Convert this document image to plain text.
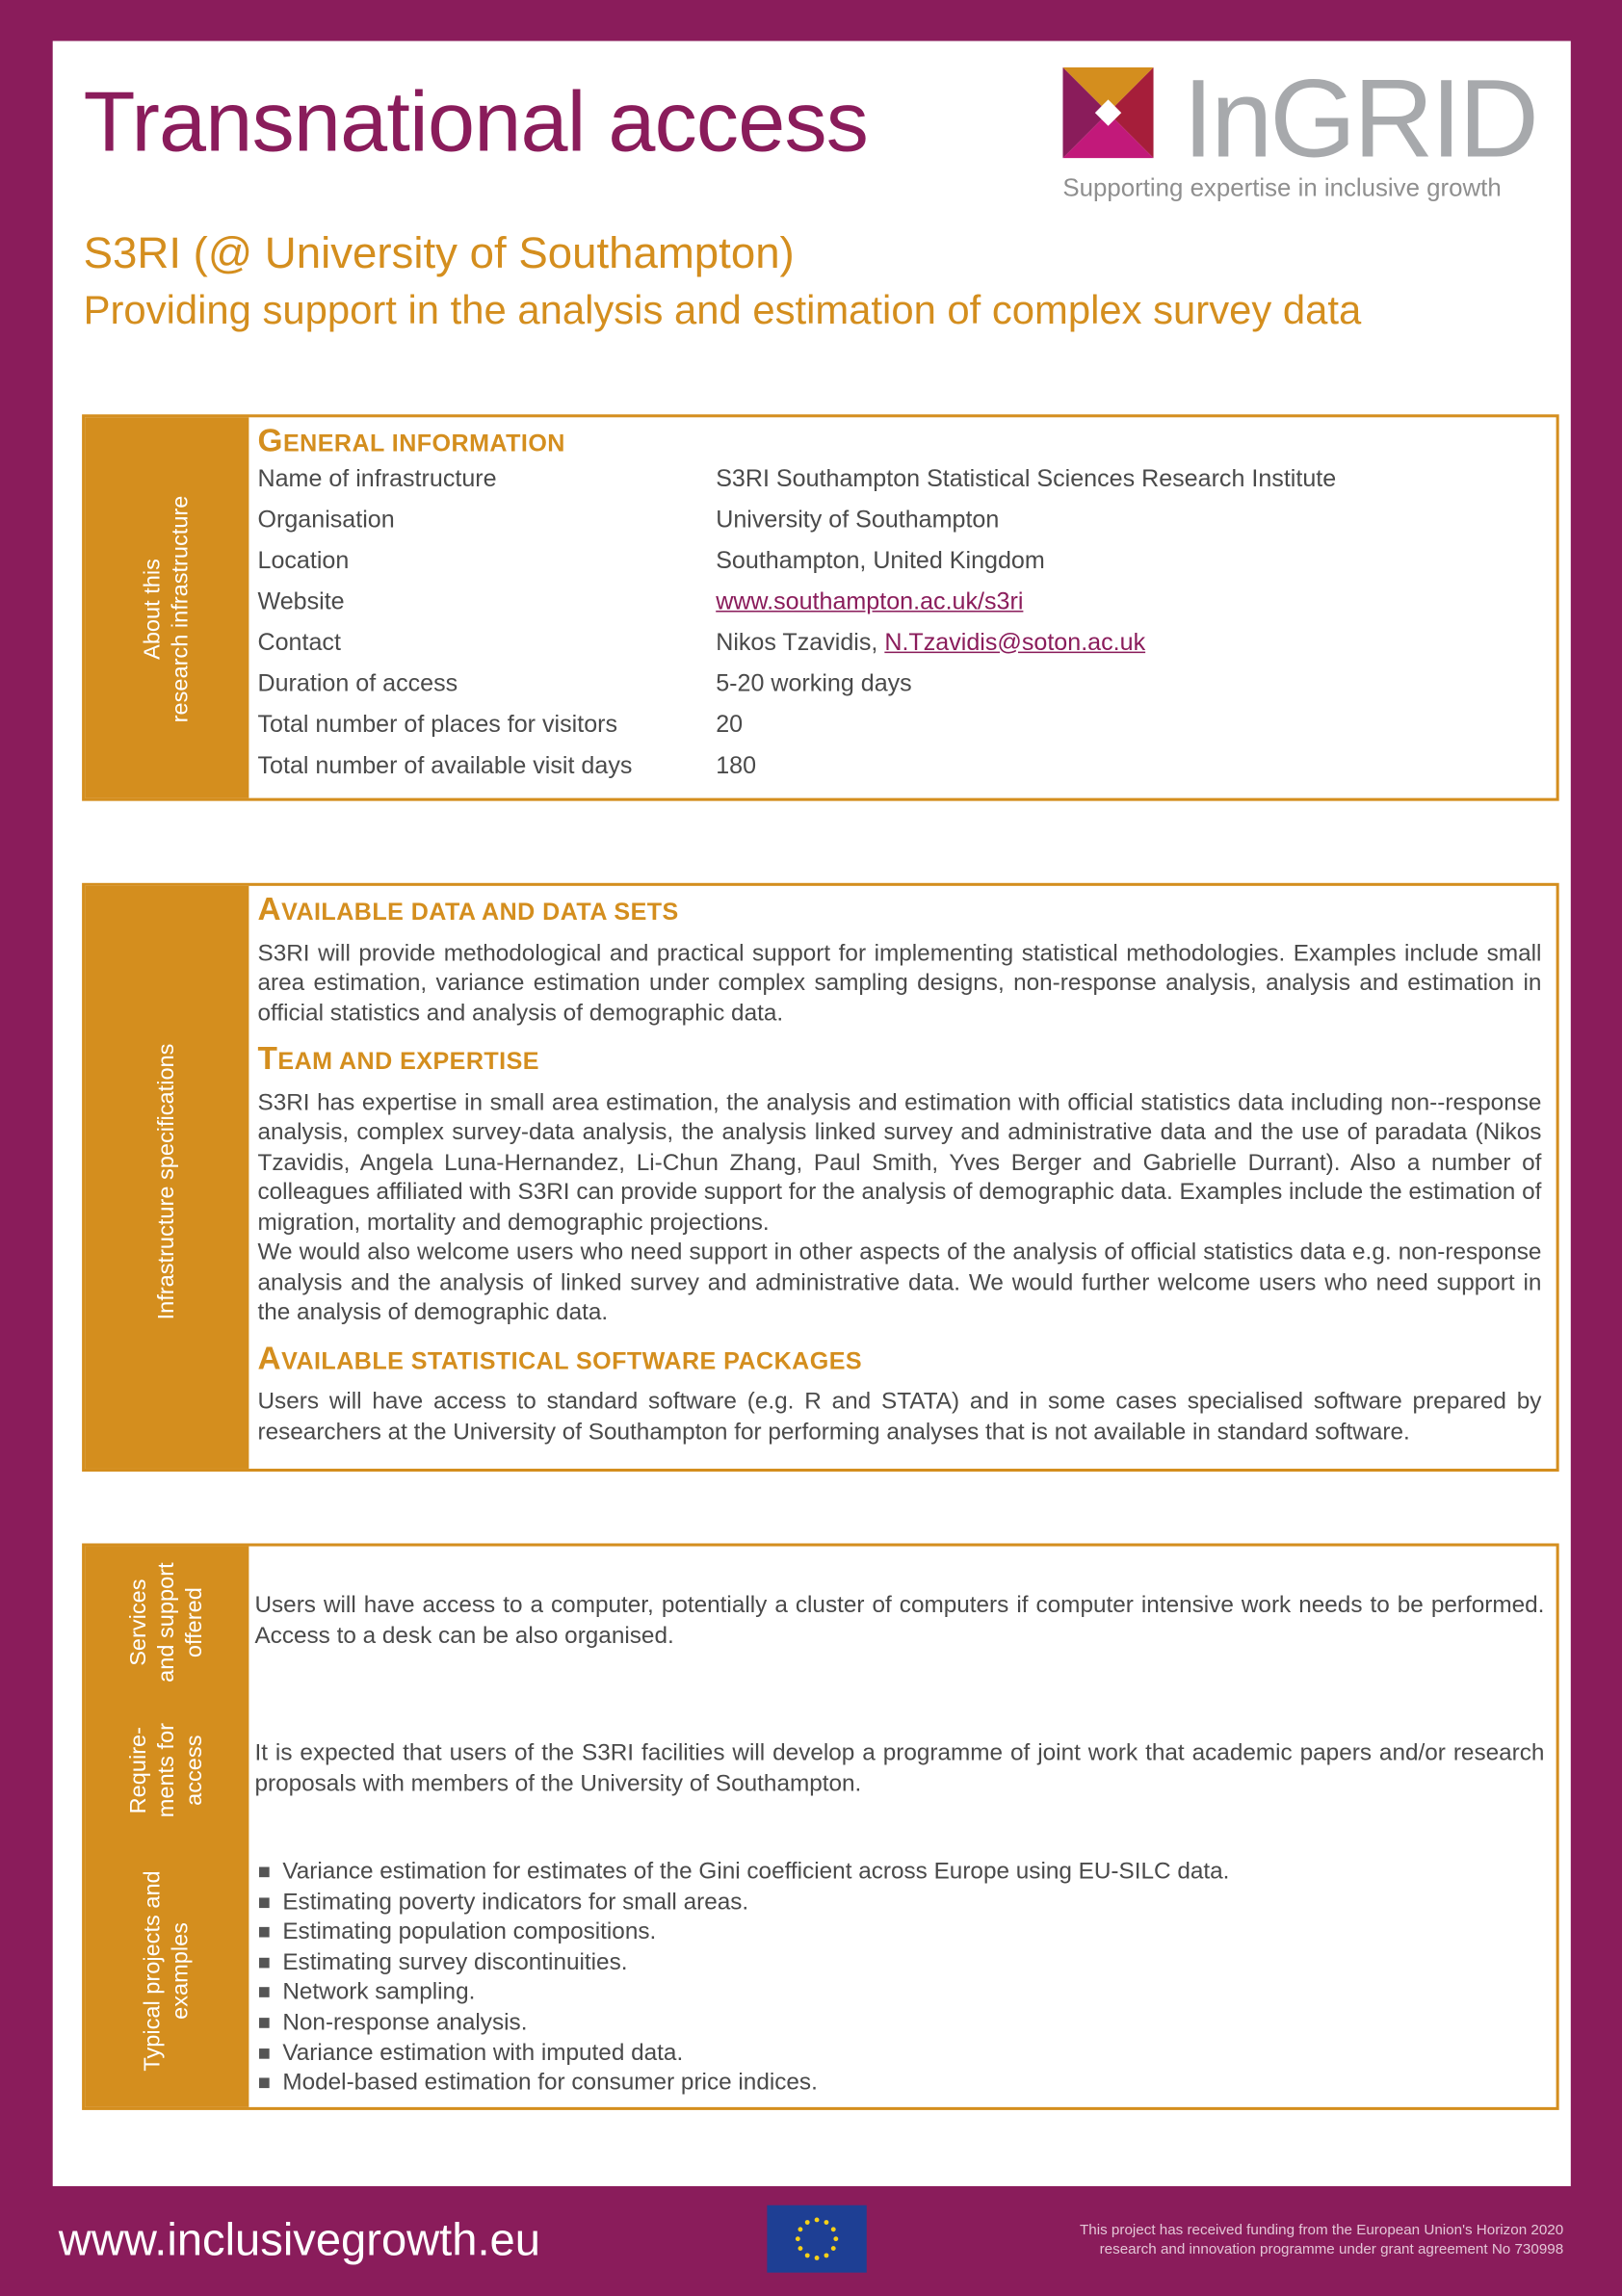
Transnational access	InGRID
Supporting expertise in inclusive growth
S3RI (@ University of Southampton)
Providing support in the analysis and estimation of complex survey data
About this research infrastructure
GENERAL INFORMATION
Name of infrastructure	S3RI Southampton Statistical Sciences Research Institute
Organisation	University of Southampton
Location	Southampton, United Kingdom
Website	www.southampton.ac.uk/s3ri
Contact	Nikos Tzavidis, N.Tzavidis@soton.ac.uk
Duration of access	5-20 working days
Total number of places for visitors	20
Total number of available visit days	180
Infrastructure specifications
AVAILABLE DATA AND DATA SETS

S3RI will provide methodological and practical support for implementing statistical methodologies. Examples include small area estimation, variance estimation under complex sampling designs, non-response analysis, analysis and estimation in official statistics and analysis of demographic data.

TEAM AND EXPERTISE

S3RI has expertise in small area estimation, the analysis and estimation with official statistics data including non--response analysis, complex survey-data analysis, the analysis linked survey and administrative data and the use of paradata (Nikos Tzavidis, Angela Luna-Hernandez, Li-Chun Zhang, Paul Smith, Yves Berger and Gabrielle Durrant). Also a number of colleagues affiliated with S3RI can provide support for the analysis of demographic data. Examples include the estimation of migration, mortality and demographic projections.

We would also welcome users who need support in other aspects of the analysis of official statistics data e.g. non-response analysis and the analysis of linked survey and administrative data. We would further welcome users who need support in the analysis of demographic data.

AVAILABLE STATISTICAL SOFTWARE PACKAGES

Users will have access to standard software (e.g. R and STATA) and in some cases specialised software prepared by researchers at the University of Southampton for performing analyses that is not available in standard software.

Services and support offered
Require- ments for access
Typical projects and examples

Users will have access to a computer, potentially a cluster of computers if computer intensive work needs to be performed. Access to a desk can be also organised.

It is expected that users of the S3RI facilities will develop a programme of joint work that academic papers and/or research proposals with members of the University of Southampton.

Variance estimation for estimates of the Gini coefficient across Europe using EU-SILC data.
Estimating poverty indicators for small areas.
Estimating population compositions.
Estimating survey discontinuities.
Network sampling.
Non-response analysis.
Variance estimation with imputed data.
Model-based estimation for consumer price indices.
www.inclusivegrowth.eu	This project has received funding from the European Union's Horizon 2020
research and innovation programme under grant agreement No 730998
